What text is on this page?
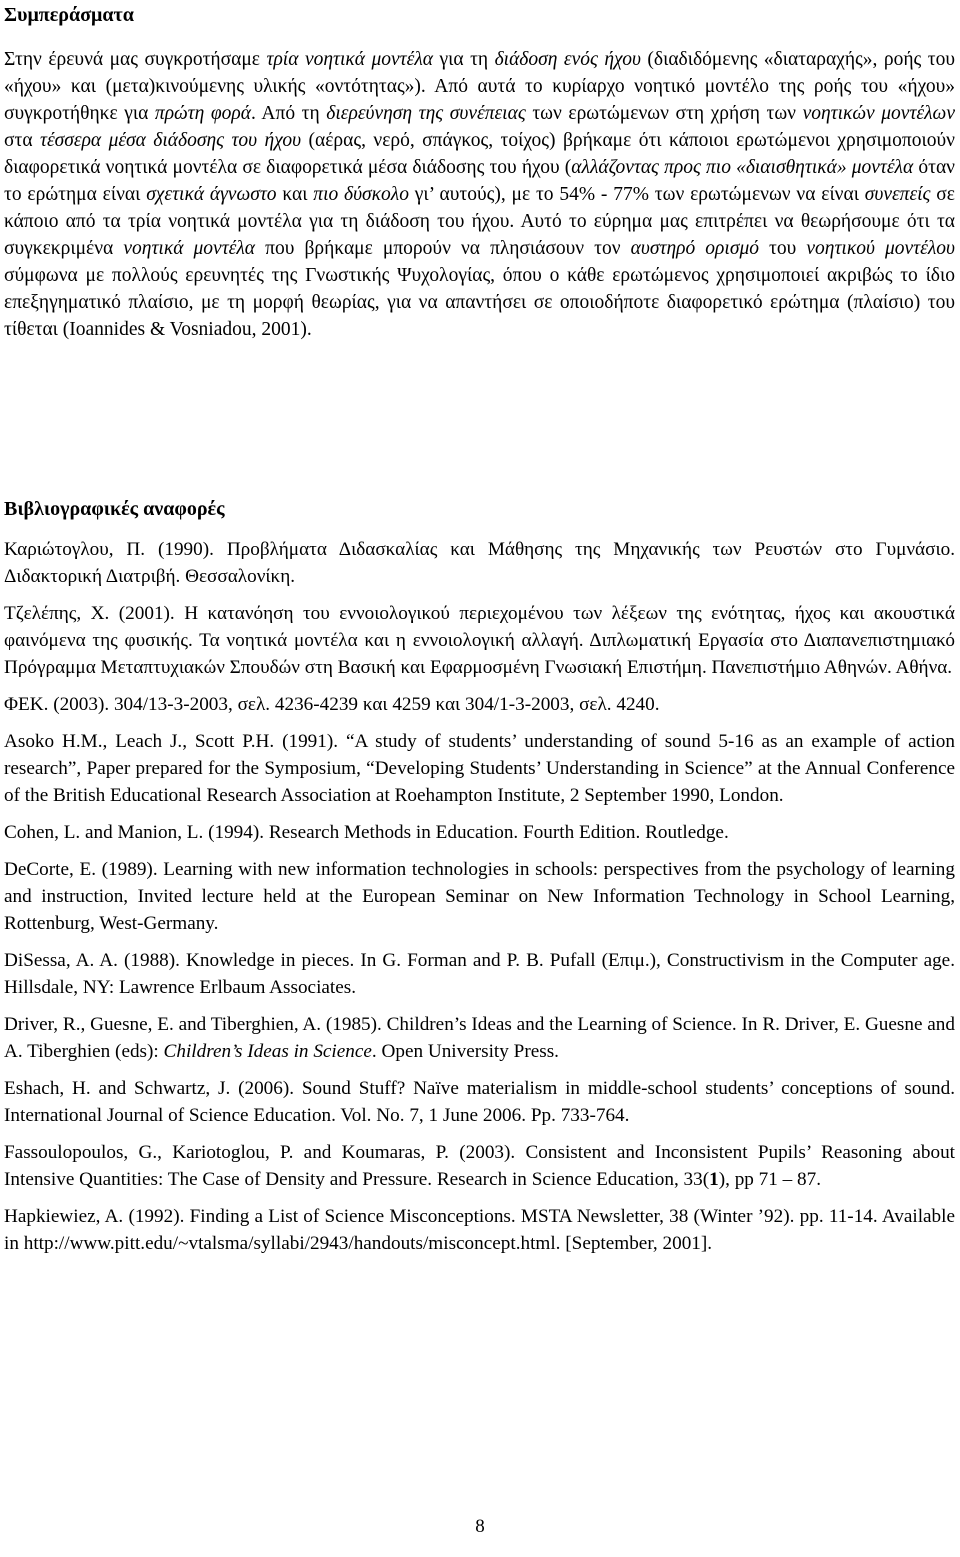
Συμπεράσματα

Στην έρευνά μας συγκροτήσαμε τρία νοητικά μοντέλα για τη διάδοση ενός ήχου (διαδιδόμενης «διαταραχής», ροής του «ήχου» και (μετα)κινούμενης υλικής «οντότητας»). Από αυτά το κυρίαρχο νοητικό μοντέλο της ροής του «ήχου» συγκροτήθηκε για πρώτη φορά. Από τη διερεύνηση της συνέπειας των ερωτώμενων στη χρήση των νοητικών μοντέλων στα τέσσερα μέσα διάδοσης του ήχου (αέρας, νερό, σπάγκος, τοίχος) βρήκαμε ότι κάποιοι ερωτώμενοι χρησιμοποιούν διαφορετικά νοητικά μοντέλα σε διαφορετικά μέσα διάδοσης του ήχου (αλλάζοντας προς πιο «διαισθητικά» μοντέλα όταν το ερώτημα είναι σχετικά άγνωστο και πιο δύσκολο γι’ αυτούς), με το 54% - 77% των ερωτώμενων να είναι συνεπείς σε κάποιο από τα τρία νοητικά μοντέλα για τη διάδοση του ήχου. Αυτό το εύρημα μας επιτρέπει να θεωρήσουμε ότι τα συγκεκριμένα νοητικά μοντέλα που βρήκαμε μπορούν να πλησιάσουν τον αυστηρό ορισμό του νοητικού μοντέλου σύμφωνα με πολλούς ερευνητές της Γνωστικής Ψυχολογίας, όπου ο κάθε ερωτώμενος χρησιμοποιεί ακριβώς το ίδιο επεξηγηματικό πλαίσιο, με τη μορφή θεωρίας, για να απαντήσει σε οποιοδήποτε διαφορετικό ερώτημα (πλαίσιο) του τίθεται (Ioannides & Vosniadou, 2001).

Βιβλιογραφικές αναφορές

Καριώτογλου, Π. (1990). Προβλήματα Διδασκαλίας και Μάθησης της Μηχανικής των Ρευστών στο Γυμνάσιο. Διδακτορική Διατριβή. Θεσσαλονίκη.

Τζελέπης, Χ. (2001). Η κατανόηση του εννοιολογικού περιεχομένου των λέξεων της ενότητας, ήχος και ακουστικά φαινόμενα της φυσικής. Τα νοητικά μοντέλα και η εννοιολογική αλλαγή. Διπλωματική Εργασία στο Διαπανεπιστημιακό Πρόγραμμα Μεταπτυχιακών Σπουδών στη Βασική και Εφαρμοσμένη Γνωσιακή Επιστήμη. Πανεπιστήμιο Αθηνών. Αθήνα.

ΦΕΚ. (2003). 304/13-3-2003, σελ. 4236-4239 και 4259 και 304/1-3-2003, σελ. 4240.

Asoko H.M., Leach J., Scott P.H. (1991). “A study of students’ understanding of sound 5-16 as an example of action research”, Paper prepared for the Symposium, “Developing Students’ Understanding in Science” at the Annual Conference of the British Educational Research Association at Roehampton Institute, 2 September 1990, London.

Cohen, L. and Manion, L. (1994). Research Methods in Education. Fourth Edition. Routledge.

DeCorte, E. (1989). Learning with new information technologies in schools: perspectives from the psychology of learning and instruction, Invited lecture held at the European Seminar on New Information Technology in School Learning, Rottenburg, West-Germany.

DiSessa, A. A. (1988). Knowledge in pieces. In G. Forman and P. B. Pufall (Επιμ.), Constructivism in the Computer age. Hillsdale, NY: Lawrence Erlbaum Associates.

Driver, R., Guesne, E. and Tiberghien, A. (1985). Children’s Ideas and the Learning of Science. In R. Driver, E. Guesne and A. Tiberghien (eds): Children’s Ideas in Science. Open University Press.

Eshach, H. and Schwartz, J. (2006). Sound Stuff? Naïve materialism in middle-school students’ conceptions of sound. International Journal of Science Education. Vol. No. 7, 1 June 2006. Pp. 733-764.

Fassoulopoulos, G., Kariotoglou, P. and Koumaras, P. (2003). Consistent and Inconsistent Pupils’ Reasoning about Intensive Quantities: The Case of Density and Pressure. Research in Science Education, 33(1), pp 71 – 87.

Hapkiewiez, A. (1992). Finding a List of Science Misconceptions. MSTA Newsletter, 38 (Winter ’92). pp. 11-14. Available in http://www.pitt.edu/~vtalsma/syllabi/2943/handouts/misconcept.html. [September, 2001].

8
